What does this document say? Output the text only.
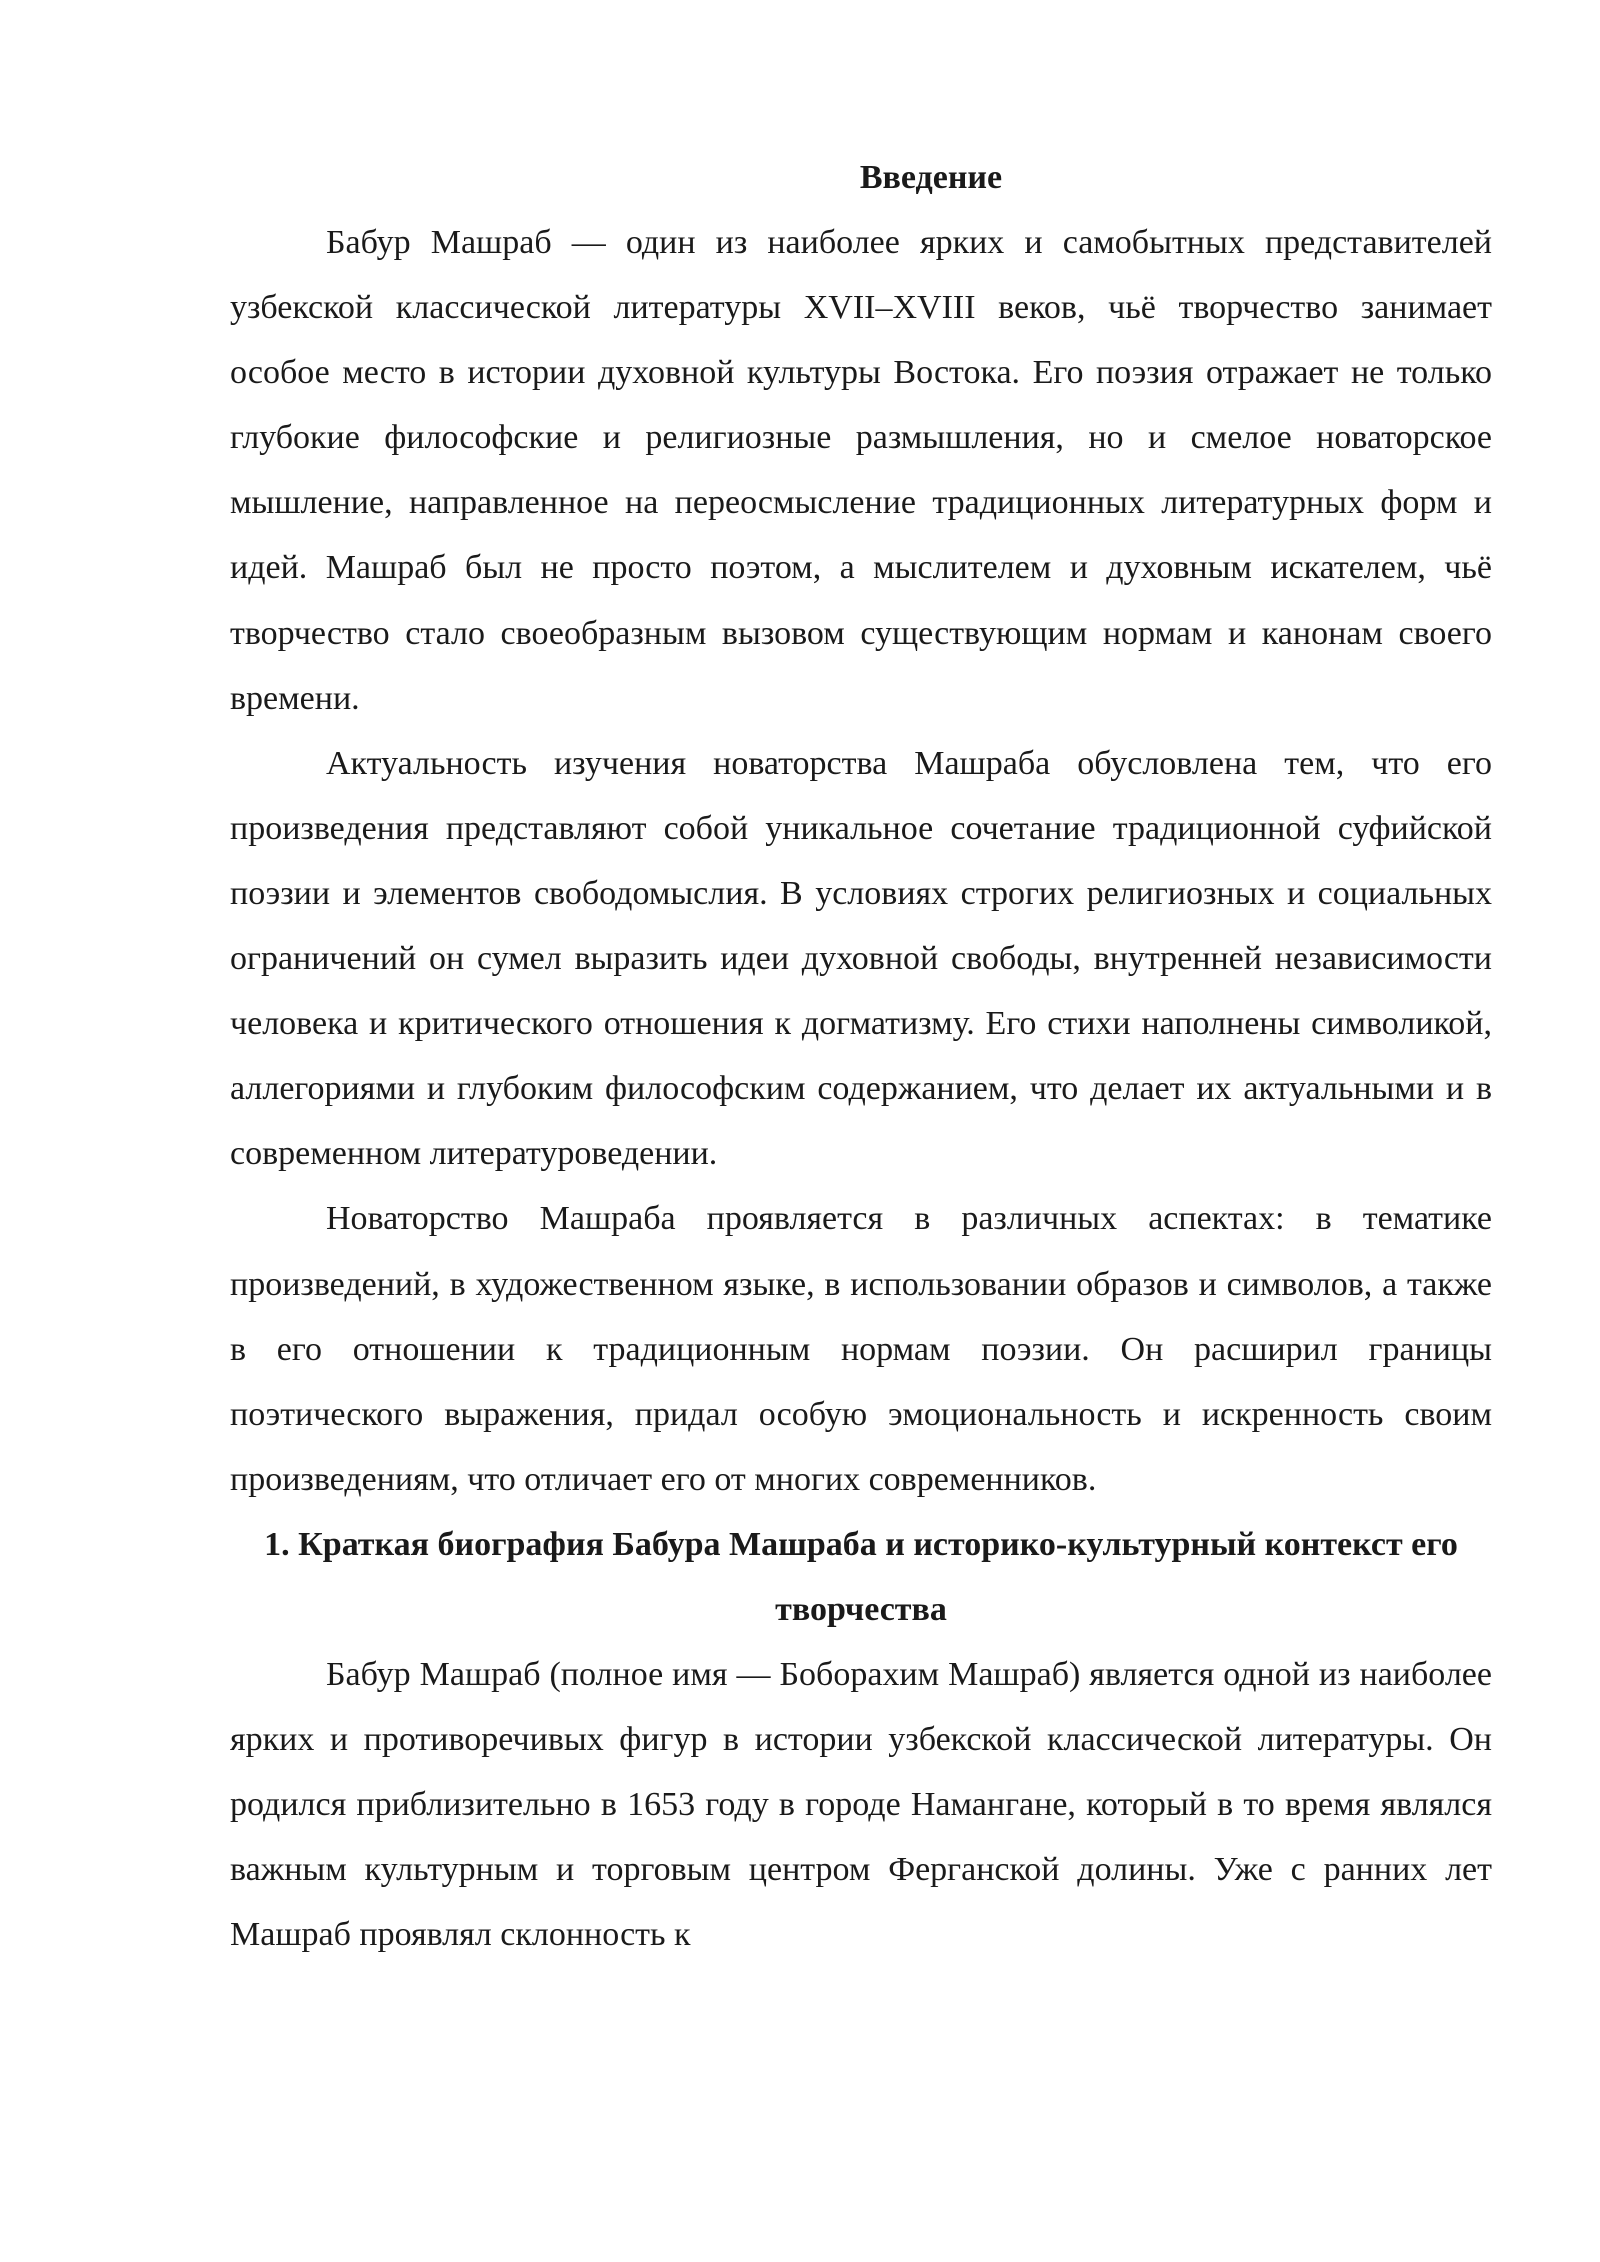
Введение

Бабур Машраб — один из наиболее ярких и самобытных представителей узбекской классической литературы XVII–XVIII веков, чьё творчество занимает особое место в истории духовной культуры Востока. Его поэзия отражает не только глубокие философские и религиозные размышления, но и смелое новаторское мышление, направленное на переосмысление традиционных литературных форм и идей. Машраб был не просто поэтом, а мыслителем и духовным искателем, чьё творчество стало своеобразным вызовом существующим нормам и канонам своего времени.

Актуальность изучения новаторства Машраба обусловлена тем, что его произведения представляют собой уникальное сочетание традиционной суфийской поэзии и элементов свободомыслия. В условиях строгих религиозных и социальных ограничений он сумел выразить идеи духовной свободы, внутренней независимости человека и критического отношения к догматизму. Его стихи наполнены символикой, аллегориями и глубоким философским содержанием, что делает их актуальными и в современном литературоведении.

Новаторство Машраба проявляется в различных аспектах: в тематике произведений, в художественном языке, в использовании образов и символов, а также в его отношении к традиционным нормам поэзии. Он расширил границы поэтического выражения, придал особую эмоциональность и искренность своим произведениям, что отличает его от многих современников.

1. Краткая биография Бабура Машраба и историко-культурный контекст его творчества

Бабур Машраб (полное имя — Боборахим Машраб) является одной из наиболее ярких и противоречивых фигур в истории узбекской классической литературы. Он родился приблизительно в 1653 году в городе Намангане, который в то время являлся важным культурным и торговым центром Ферганской долины. Уже с ранних лет Машраб проявлял склонность к
